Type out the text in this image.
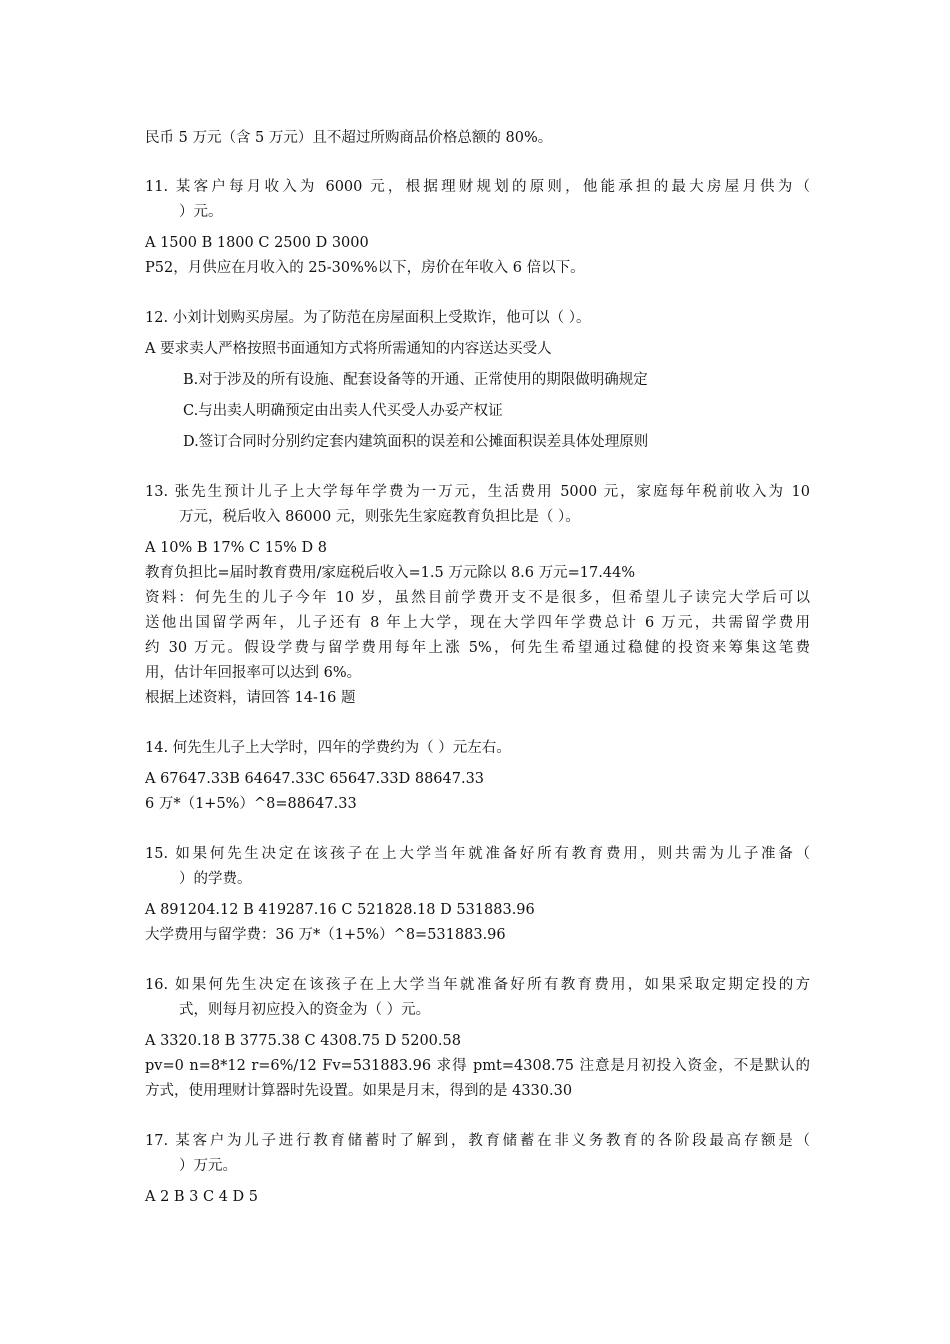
民币 5 万元（含 5 万元）且不超过所购商品价格总额的 80%。
11. 某客户每月收入为 6000 元，根据理财规划的原则，他能承担的最大房屋月供为（
）元。
A 1500 B 1800 C 2500 D 3000
P52，月供应在月收入的 25-30%%以下，房价在年收入 6 倍以下。
12. 小刘计划购买房屋。为了防范在房屋面积上受欺诈，他可以（ ）。
A 要求卖人严格按照书面通知方式将所需通知的内容送达买受人
B.对于涉及的所有设施、配套设备等的开通、正常使用的期限做明确规定
C.与出卖人明确预定由出卖人代买受人办妥产权证
D.签订合同时分别约定套内建筑面积的误差和公摊面积误差具体处理原则
13. 张先生预计儿子上大学每年学费为一万元，生活费用 5000 元，家庭每年税前收入为 10
万元，税后收入 86000 元，则张先生家庭教育负担比是（ ）。
A 10% B 17% C 15% D 8
教育负担比=届时教育费用/家庭税后收入=1.5 万元除以 8.6 万元=17.44%
资料：何先生的儿子今年 10 岁，虽然目前学费开支不是很多，但希望儿子读完大学后可以
送他出国留学两年，儿子还有 8 年上大学，现在大学四年学费总计 6 万元，共需留学费用
约 30 万元。假设学费与留学费用每年上涨 5%，何先生希望通过稳健的投资来筹集这笔费
用，估计年回报率可以达到 6%。
根据上述资料，请回答 14-16 题
14. 何先生儿子上大学时，四年的学费约为（ ）元左右。
A 67647.33B 64647.33C 65647.33D 88647.33
6 万*（1+5%）^8=88647.33
15. 如果何先生决定在该孩子在上大学当年就准备好所有教育费用，则共需为儿子准备（
）的学费。
A 891204.12 B 419287.16 C 521828.18 D 531883.96
大学费用与留学费：36 万*（1+5%）^8=531883.96
16. 如果何先生决定在该孩子在上大学当年就准备好所有教育费用，如果采取定期定投的方
式，则每月初应投入的资金为（ ）元。
A 3320.18 B 3775.38 C 4308.75 D 5200.58
pv=0 n=8*12 r=6%/12 Fv=531883.96 求得 pmt=4308.75 注意是月初投入资金，不是默认的
方式，使用理财计算器时先设置。如果是月末，得到的是 4330.30
17. 某客户为儿子进行教育储蓄时了解到，教育储蓄在非义务教育的各阶段最高存额是（
）万元。
A 2 B 3 C 4 D 5
